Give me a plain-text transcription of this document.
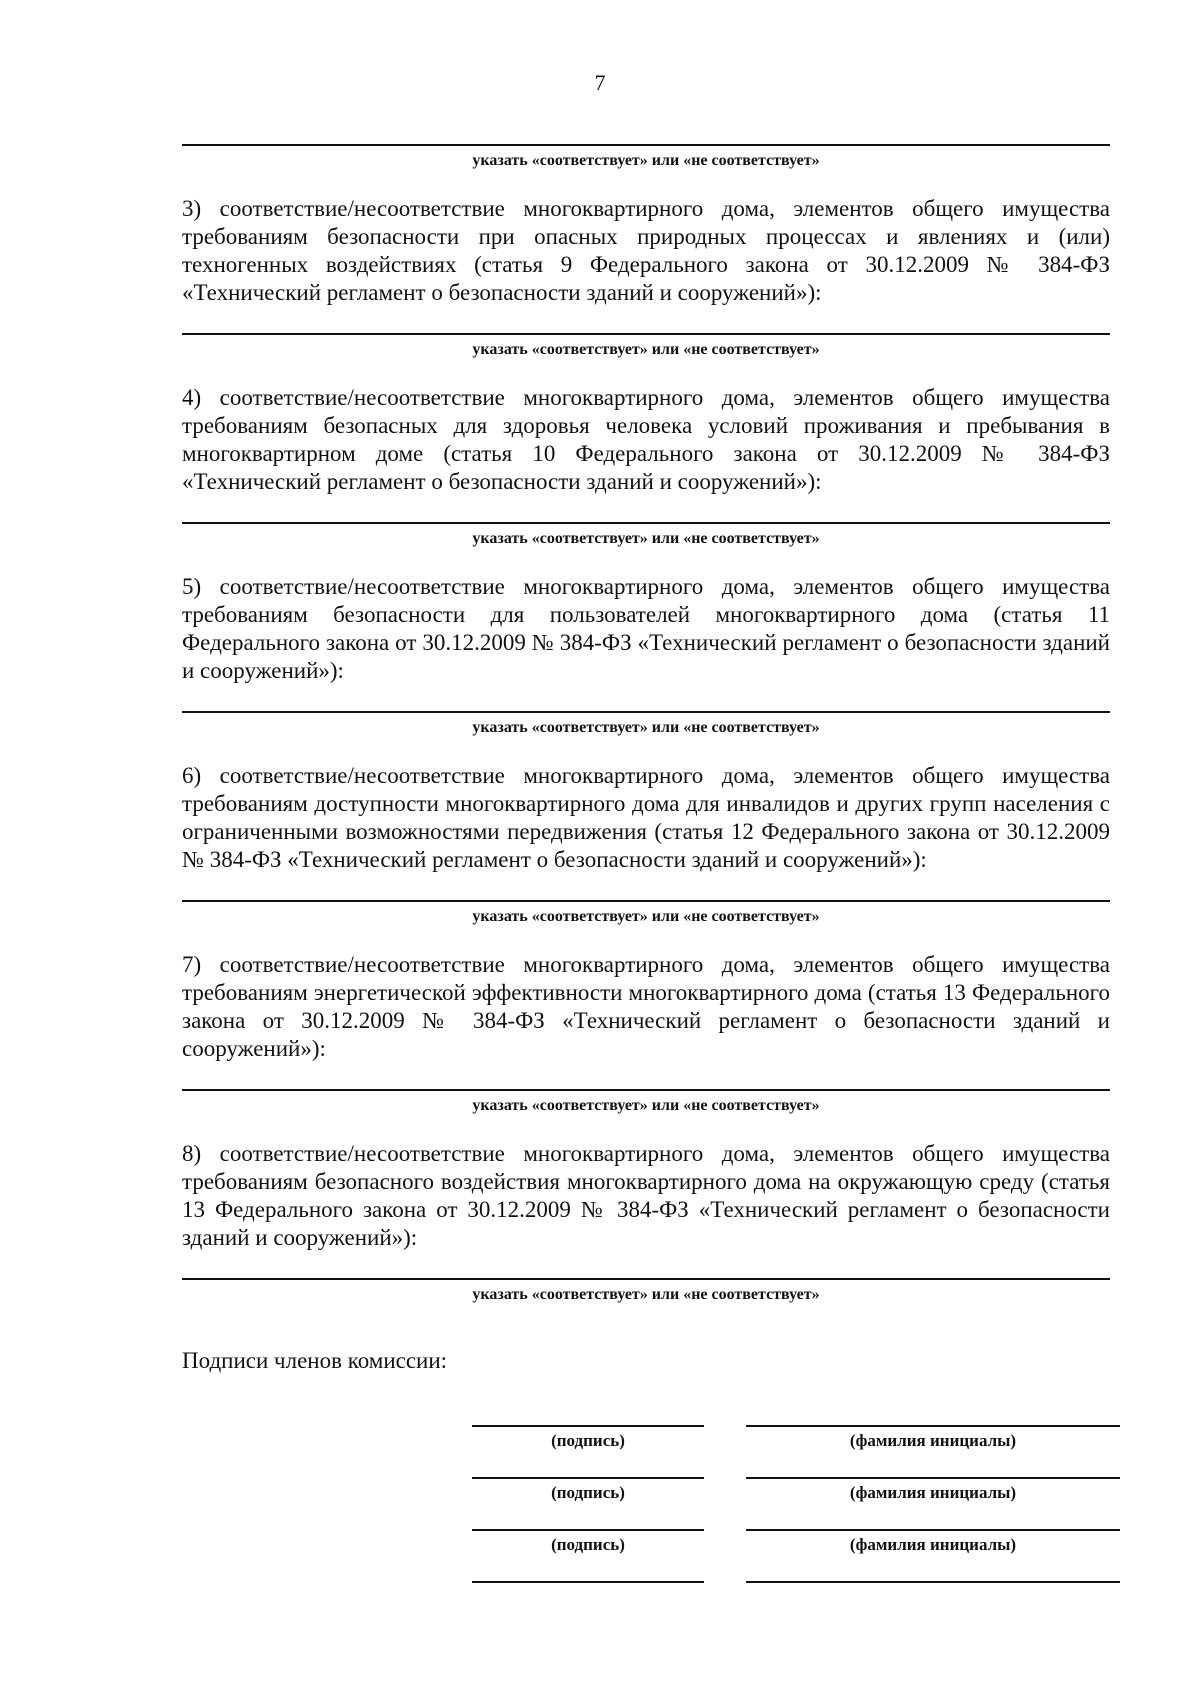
7
указать «соответствует» или «не соответствует»
3) соответствие/несоответствие многоквартирного дома, элементов общего имущества требованиям безопасности при опасных природных процессах и явлениях и (или) техногенных воздействиях (статья 9 Федерального закона от 30.12.2009 № 384-ФЗ «Технический регламент о безопасности зданий и сооружений»):
указать «соответствует» или «не соответствует»
4) соответствие/несоответствие многоквартирного дома, элементов общего имущества требованиям безопасных для здоровья человека условий проживания и пребывания в многоквартирном доме (статья 10 Федерального закона от 30.12.2009 № 384-ФЗ «Технический регламент о безопасности зданий и сооружений»):
указать «соответствует» или «не соответствует»
5) соответствие/несоответствие многоквартирного дома, элементов общего имущества требованиям безопасности для пользователей многоквартирного дома (статья 11 Федерального закона от 30.12.2009 № 384-ФЗ «Технический регламент о безопасности зданий и сооружений»):
указать «соответствует» или «не соответствует»
6) соответствие/несоответствие многоквартирного дома, элементов общего имущества требованиям доступности многоквартирного дома для инвалидов и других групп населения с ограниченными возможностями передвижения (статья 12 Федерального закона от 30.12.2009 № 384-ФЗ «Технический регламент о безопасности зданий и сооружений»):
указать «соответствует» или «не соответствует»
7) соответствие/несоответствие многоквартирного дома, элементов общего имущества требованиям энергетической эффективности многоквартирного дома (статья 13 Федерального закона от 30.12.2009 № 384-ФЗ «Технический регламент о безопасности зданий и сооружений»):
указать «соответствует» или «не соответствует»
8) соответствие/несоответствие многоквартирного дома, элементов общего имущества требованиям безопасного воздействия многоквартирного дома на окружающую среду (статья 13 Федерального закона от 30.12.2009 № 384-ФЗ «Технический регламент о безопасности зданий и сооружений»):
указать «соответствует» или «не соответствует»
Подписи членов комиссии:
(подпись)	(фамилия инициалы)
(подпись)	(фамилия инициалы)
(подпись)	(фамилия инициалы)
